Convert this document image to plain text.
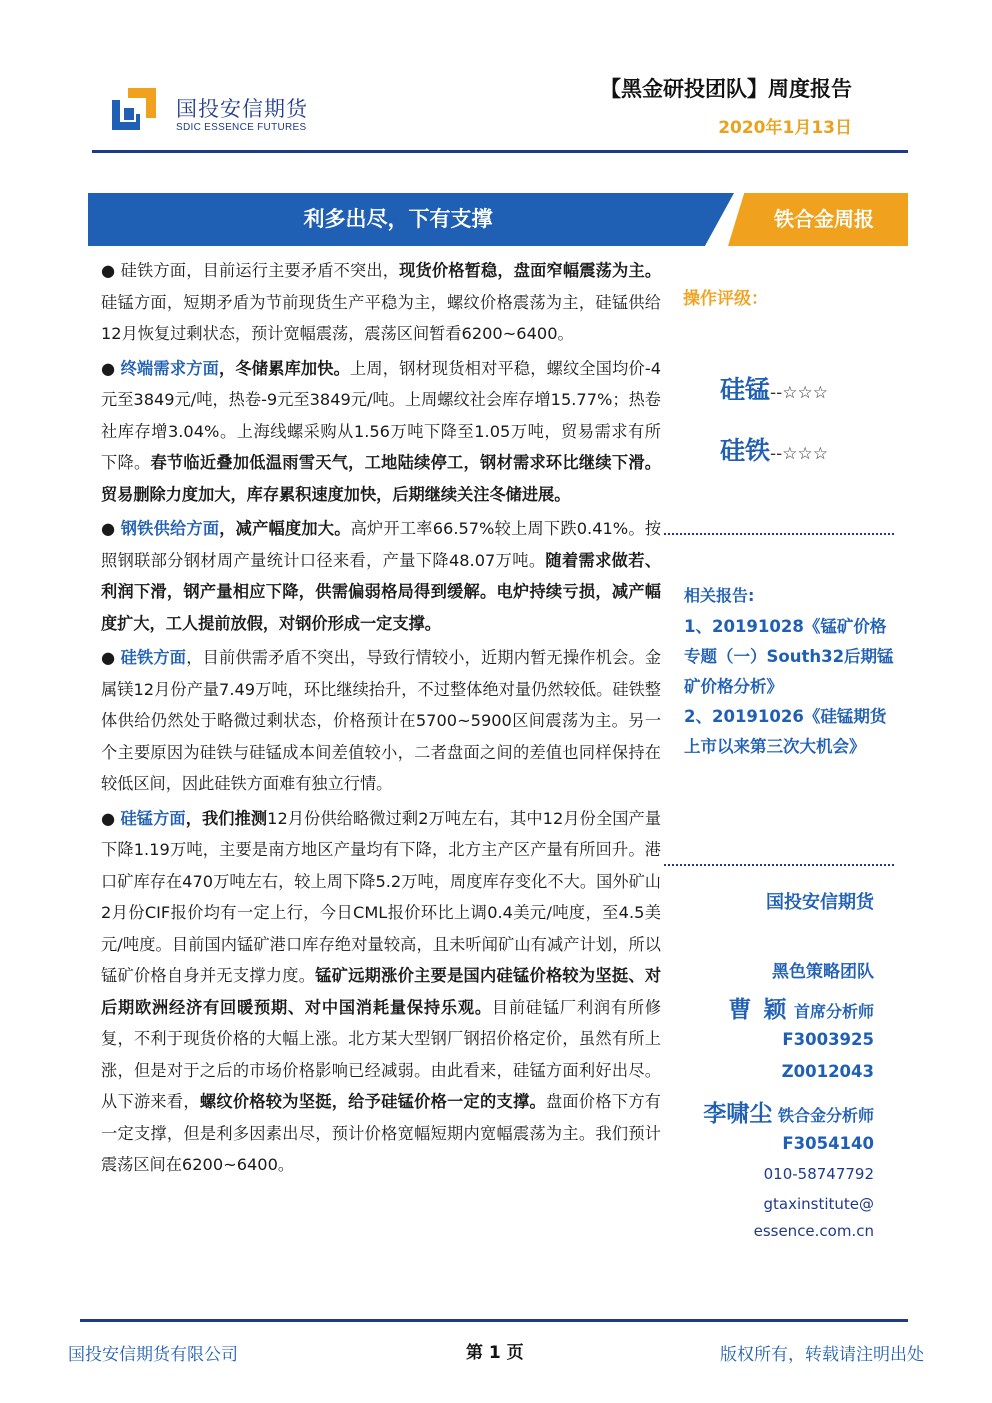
国投安信期货
SDIC ESSENCE FUTURES
【黑金研投团队】周度报告
2020年1月13日
利多出尽，下有支撑	铁合金周报

● 硅铁方面，目前运行主要矛盾不突出，现货价格暂稳，盘面窄幅震荡为主。硅锰方面，短期矛盾为节前现货生产平稳为主，螺纹价格震荡为主，硅锰供给12月恢复过剩状态，预计宽幅震荡，震荡区间暂看6200~6400。

● 终端需求方面，冬储累库加快。上周，钢材现货相对平稳，螺纹全国均价-4元至3849元/吨，热卷-9元至3849元/吨。上周螺纹社会库存增15.77%；热卷社库存增3.04%。上海线螺采购从1.56万吨下降至1.05万吨，贸易需求有所下降。春节临近叠加低温雨雪天气，工地陆续停工，钢材需求环比继续下滑。贸易删除力度加大，库存累积速度加快，后期继续关注冬储进展。

● 钢铁供给方面，减产幅度加大。高炉开工率66.57%较上周下跌0.41%。按照钢联部分钢材周产量统计口径来看，产量下降48.07万吨。随着需求做若、利润下滑，钢产量相应下降，供需偏弱格局得到缓解。电炉持续亏损，减产幅度扩大，工人提前放假，对钢价形成一定支撑。

● 硅铁方面，目前供需矛盾不突出，导致行情较小，近期内暂无操作机会。金属镁12月份产量7.49万吨，环比继续抬升，不过整体绝对量仍然较低。硅铁整体供给仍然处于略微过剩状态，价格预计在5700~5900区间震荡为主。另一个主要原因为硅铁与硅锰成本间差值较小，二者盘面之间的差值也同样保持在较低区间，因此硅铁方面难有独立行情。

● 硅锰方面，我们推测12月份供给略微过剩2万吨左右，其中12月份全国产量下降1.19万吨，主要是南方地区产量均有下降，北方主产区产量有所回升。港口矿库存在470万吨左右，较上周下降5.2万吨，周度库存变化不大。国外矿山2月份CIF报价均有一定上行，今日CML报价环比上调0.4美元/吨度，至4.5美元/吨度。目前国内锰矿港口库存绝对量较高，且未听闻矿山有减产计划，所以锰矿价格自身并无支撑力度。锰矿远期涨价主要是国内硅锰价格较为坚挺、对后期欧洲经济有回暖预期、对中国消耗量保持乐观。目前硅锰厂利润有所修复，不利于现货价格的大幅上涨。北方某大型钢厂钢招价格定价，虽然有所上涨，但是对于之后的市场价格影响已经减弱。由此看来，硅锰方面利好出尽。从下游来看，螺纹价格较为坚挺，给予硅锰价格一定的支撑。盘面价格下方有一定支撑，但是利多因素出尽，预计价格宽幅短期内宽幅震荡为主。我们预计震荡区间在6200~6400。

操作评级：
硅锰--☆☆☆
硅铁--☆☆☆
相关报告:
1、20191028《锰矿价格专题（一）South32后期锰矿价格分析》
2、20191026《硅锰期货上市以来第三次大机会》
国投安信期货
黑色策略团队
曹 颖 首席分析师
F3003925
Z0012043
李啸尘 铁合金分析师
F3054140
010-58747792
gtaxinstitute@
essence.com.cn
国投安信期货有限公司	第 1 页	版权所有，转载请注明出处
